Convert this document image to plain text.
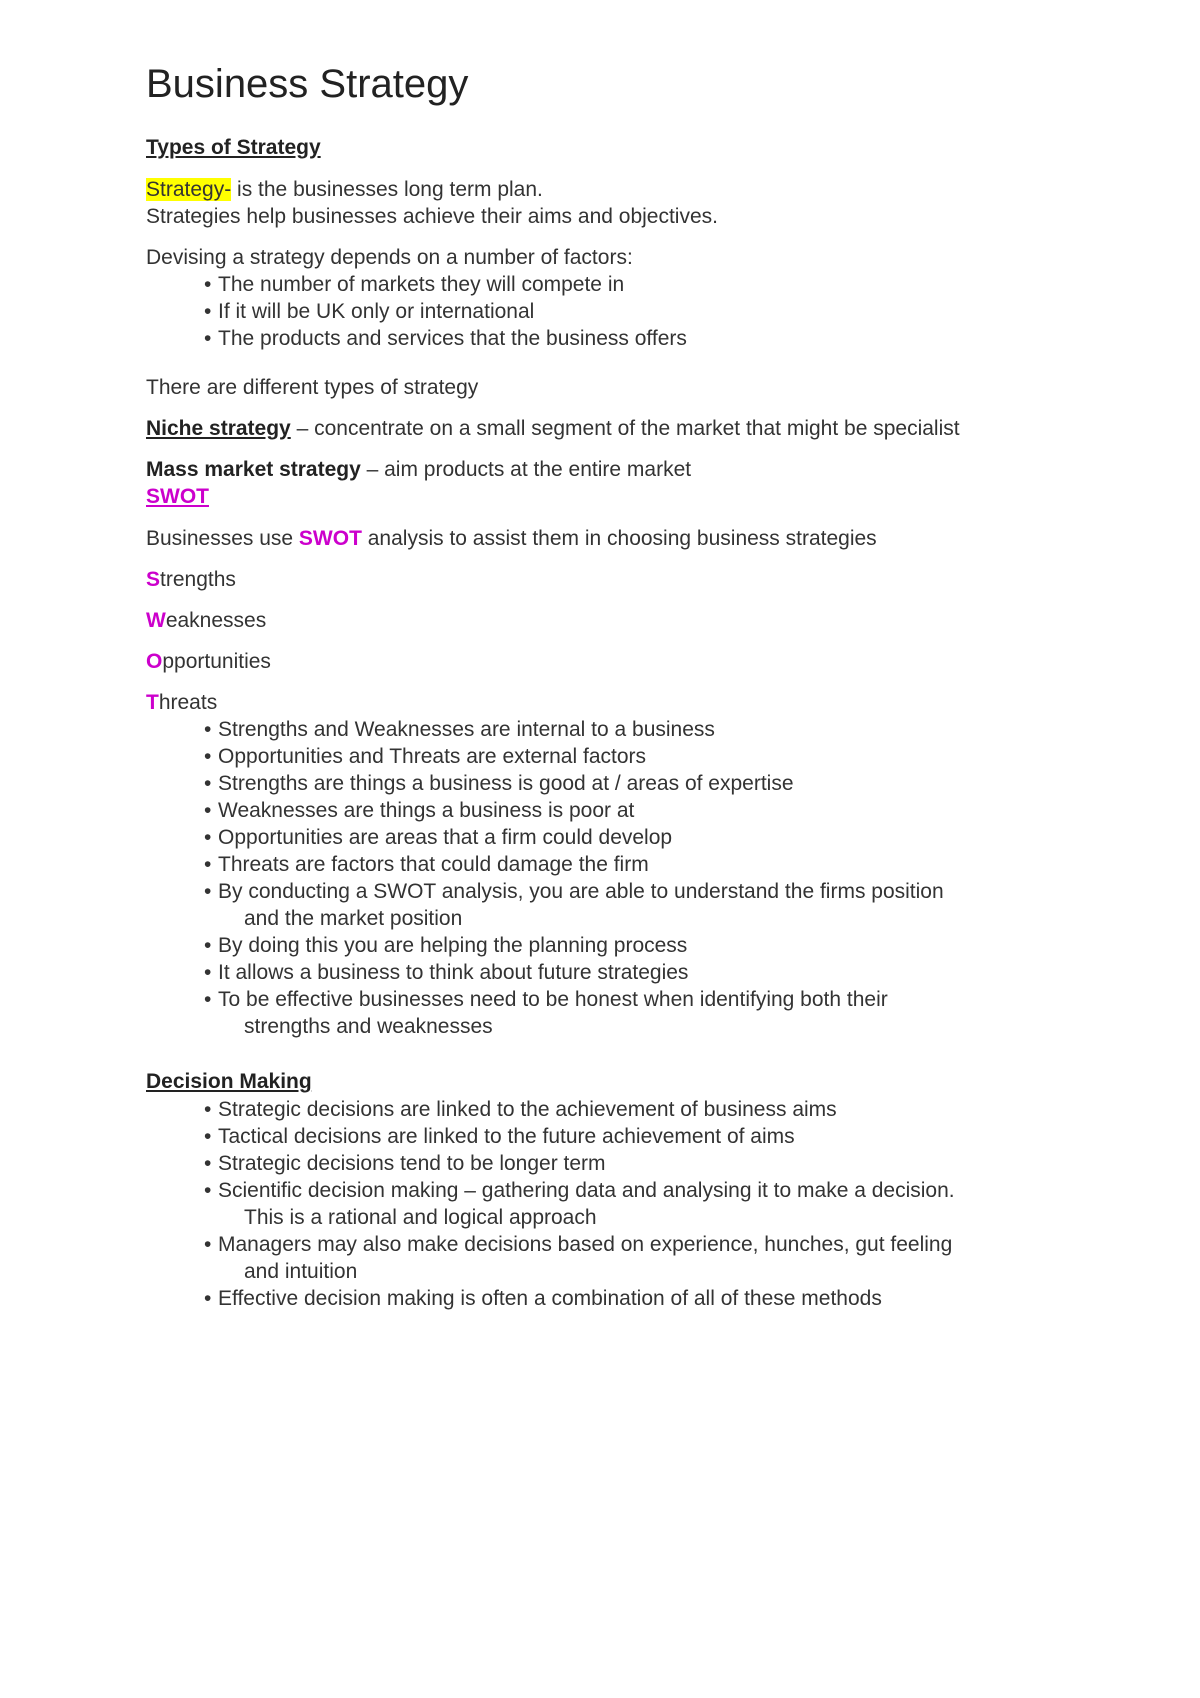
Business Strategy
Types of Strategy

Strategy- is the businesses long term plan.

Strategies help businesses achieve their aims and objectives.

Devising a strategy depends on a number of factors:

• The number of markets they will compete in
• If it will be UK only or international
• The products and services that the business offers

There are different types of strategy

Niche strategy – concentrate on a small segment of the market that might be specialist

Mass market strategy – aim products at the entire market

SWOT

Businesses use SWOT analysis to assist them in choosing business strategies

Strengths

Weaknesses

Opportunities

Threats

• Strengths and Weaknesses are internal to a business
• Opportunities and Threats are external factors
• Strengths are things a business is good at / areas of expertise
• Weaknesses are things a business is poor at
• Opportunities are areas that a firm could develop
• Threats are factors that could damage the firm
• By conducting a SWOT analysis, you are able to understand the firms position
and the market position
• By doing this you are helping the planning process
• It allows a business to think about future strategies
• To be effective businesses need to be honest when identifying both their
strengths and weaknesses
Decision Making
• Strategic decisions are linked to the achievement of business aims
• Tactical decisions are linked to the future achievement of aims
• Strategic decisions tend to be longer term
• Scientific decision making – gathering data and analysing it to make a decision.
This is a rational and logical approach
• Managers may also make decisions based on experience, hunches, gut feeling
and intuition
• Effective decision making is often a combination of all of these methods
